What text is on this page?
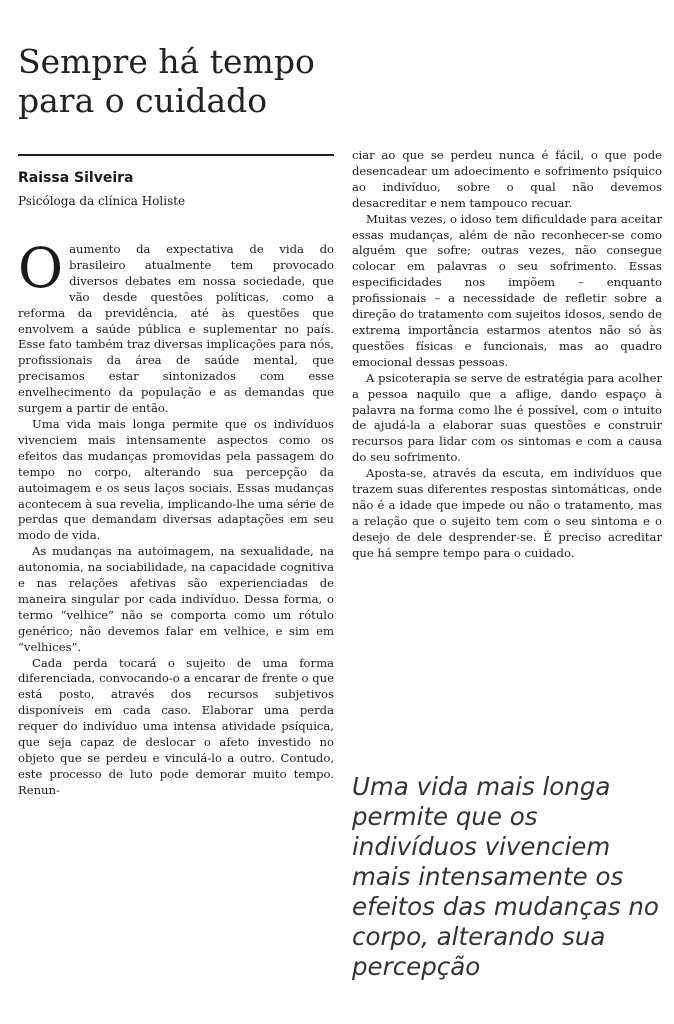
Sempre há tempo
para o cuidado
Raissa Silveira
Psicóloga da clínica Holiste

Oaumento da expectativa de vida do brasileiro atualmente tem provocado diversos debates em nossa sociedade, que vão desde questões políticas, como a reforma da previdência, até às questões que envolvem a saúde pública e suplementar no país. Esse fato também traz diversas implicações para nós, profissionais da área de saúde mental, que precisamos estar sintonizados com esse envelhecimento da população e as demandas que surgem a partir de então.

Uma vida mais longa permite que os indivíduos vivenciem mais intensamente aspectos como os efeitos das mudanças promovidas pela passagem do tempo no corpo, alterando sua percepção da autoimagem e os seus laços sociais. Essas mudanças acontecem à sua revelia, implicando-lhe uma série de perdas que demandam diversas adaptações em seu modo de vida.

As mudanças na autoimagem, na sexualidade, na autonomia, na sociabilidade, na capacidade cognitiva e nas relações afetivas são experienciadas de maneira singular por cada indivíduo. Dessa forma, o termo “velhice” não se comporta como um rótulo genérico; não devemos falar em velhice, e sim em “velhices”.

Cada perda tocará o sujeito de uma forma diferenciada, convocando-o a encarar de frente o que está posto, através dos recursos subjetivos disponíveis em cada caso. Elaborar uma perda requer do indivíduo uma intensa atividade psíquica, que seja capaz de deslocar o afeto investido no objeto que se perdeu e vinculá-lo a outro. Contudo, este processo de luto pode demorar muito tempo. Renun-

ciar ao que se perdeu nunca é fácil, o que pode desencadear um adoecimento e sofrimento psíquico ao indivíduo, sobre o qual não devemos desacreditar e nem tampouco recuar.

Muitas vezes, o idoso tem dificuldade para aceitar essas mudanças, além de não reconhecer-se como alguém que sofre; outras vezes, não consegue colocar em palavras o seu sofrimento. Essas especificidades nos impõem – enquanto profissionais – a necessidade de refletir sobre a direção do tratamento com sujeitos idosos, sendo de extrema importância estarmos atentos não só às questões físicas e funcionais, mas ao quadro emocional dessas pessoas.

A psicoterapia se serve de estratégia para acolher a pessoa naquilo que a aflige, dando espaço à palavra na forma como lhe é possível, com o intuito de ajudá-la a elaborar suas questões e construir recursos para lidar com os sintomas e com a causa do seu sofrimento.

Aposta-se, através da escuta, em indivíduos que trazem suas diferentes respostas sintomáticas, onde não é a idade que impede ou não o tratamento, mas a relação que o sujeito tem com o seu sintoma e o desejo de dele desprender-se. É preciso acreditar que há sempre tempo para o cuidado.

Uma vida mais longa permite que os indivíduos vivenciem mais intensamente os efeitos das mudanças no corpo, alterando sua percepção
